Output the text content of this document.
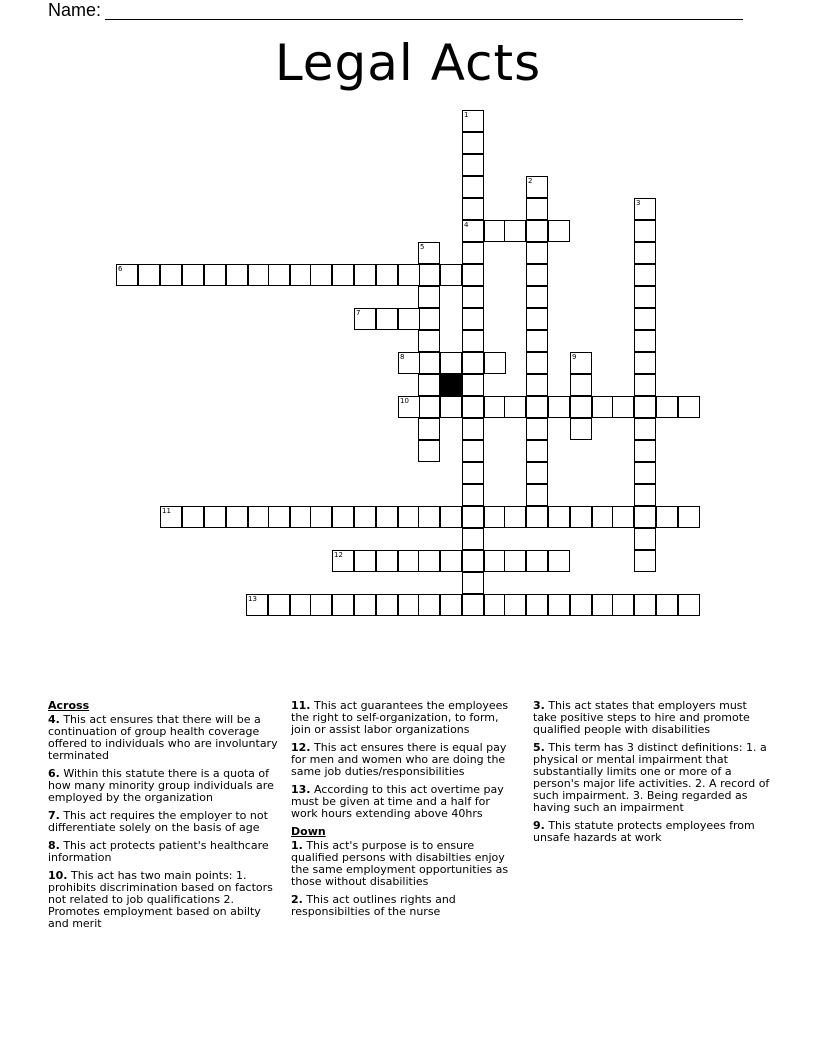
Name:
Legal Acts
1
2
3
4
5
6
7
8	9
10
11
12
13
Across
4. This act ensures that there will be a continuation of group health coverage offered to individuals who are involuntary terminated
6. Within this statute there is a quota of how many minority group individuals are employed by the organization
7. This act requires the employer to not differentiate solely on the basis of age
8. This act protects patient's healthcare information
10. This act has two main points: 1. prohibits discrimination based on factors not related to job qualifications 2. Promotes employment based on abilty and merit
11. This act guarantees the employees the right to self-organization, to form, join or assist labor organizations
12. This act ensures there is equal pay for men and women who are doing the same job duties/responsibilities
13. According to this act overtime pay must be given at time and a half for work hours extending above 40hrs
Down
1. This act's purpose is to ensure qualified persons with disabilties enjoy the same employment opportunities as those without disabilities
2. This act outlines rights and responsibilties of the nurse
3. This act states that employers must take positive steps to hire and promote qualified people with disabilities
5. This term has 3 distinct definitions: 1. a physical or mental impairment that substantially limits one or more of a person's major life activities. 2. A record of such impairment. 3. Being regarded as having such an impairment
9. This statute protects employees from unsafe hazards at work
